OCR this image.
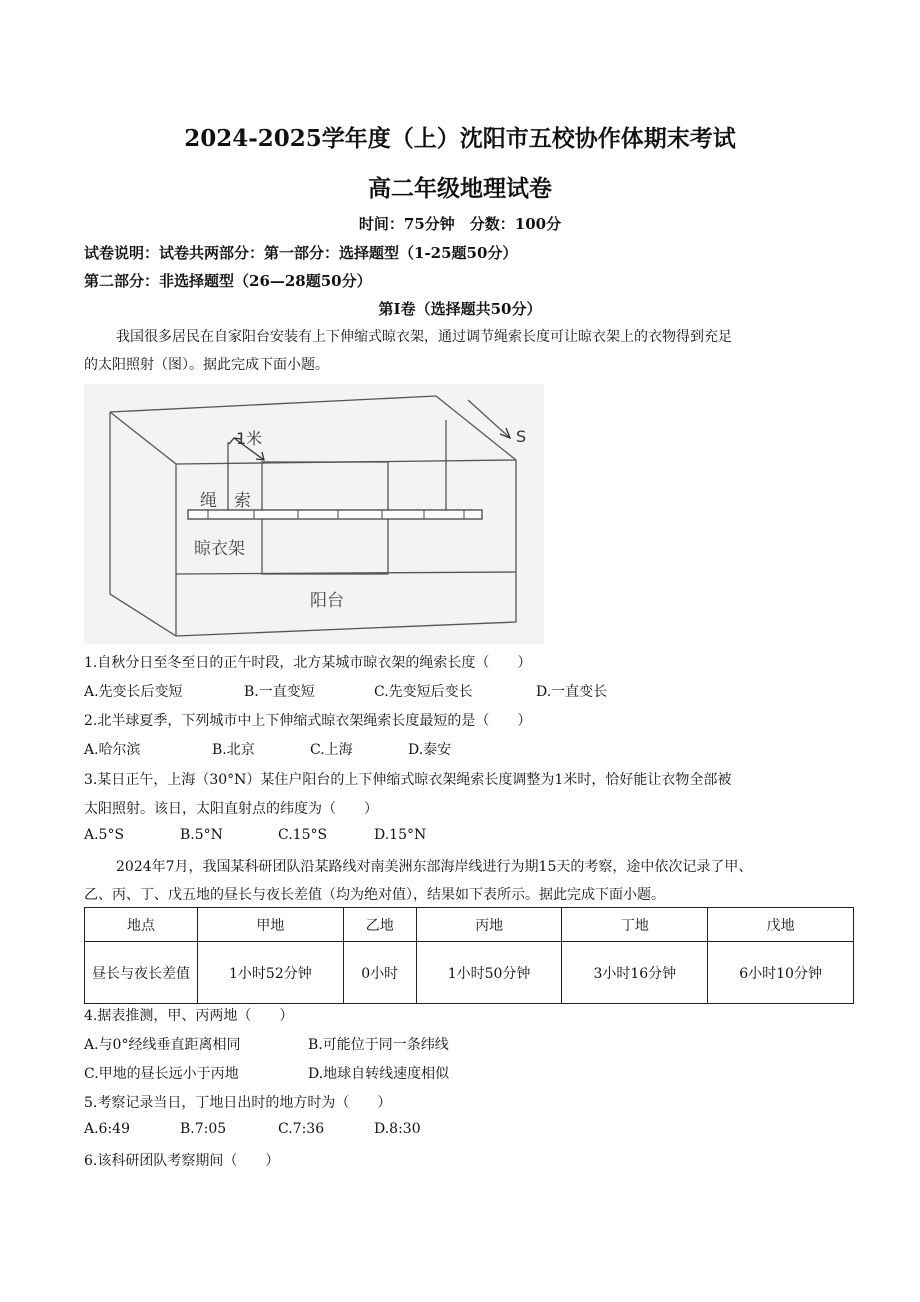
2024-2025学年度（上）沈阳市五校协作体期末考试
高二年级地理试卷
时间：75分钟　分数：100分
试卷说明：试卷共两部分：第一部分：选择题型（1-25题50分）
第二部分：非选择题型（26—28题50分）
第Ⅰ卷（选择题共50分）
我国很多居民在自家阳台安装有上下伸缩式晾衣架，通过调节绳索长度可让晾衣架上的衣物得到充足
的太阳照射（图）。据此完成下面小题。
1米
绳　索
晾衣架
阳台
S
1.自秋分日至冬至日的正午时段，北方某城市晾衣架的绳索长度（　　）
A.先变长后变短	B.一直变短	C.先变短后变长	D.一直变长
2.北半球夏季，下列城市中上下伸缩式晾衣架绳索长度最短的是（　　）
A.哈尔滨	B.北京	C.上海	D.泰安
3.某日正午，上海（30°N）某住户阳台的上下伸缩式晾衣架绳索长度调整为1米时，恰好能让衣物全部被
太阳照射。该日，太阳直射点的纬度为（　　）
A.5°S	B.5°N	C.15°S	D.15°N
2024年7月，我国某科研团队沿某路线对南美洲东部海岸线进行为期15天的考察，途中依次记录了甲、
乙、丙、丁、戊五地的昼长与夜长差值（均为绝对值），结果如下表所示。据此完成下面小题。
地点	甲地	乙地	丙地	丁地	戊地
昼长与夜长差值	1小时52分钟	0小时	1小时50分钟	3小时16分钟	6小时10分钟
4.据表推测，甲、丙两地（　　）
A.与0°经线垂直距离相同	B.可能位于同一条纬线
C.甲地的昼长远小于丙地	D.地球自转线速度相似
5.考察记录当日，丁地日出时的地方时为（　　）
A.6:49	B.7:05	C.7:36	D.8:30
6.该科研团队考察期间（　　）
